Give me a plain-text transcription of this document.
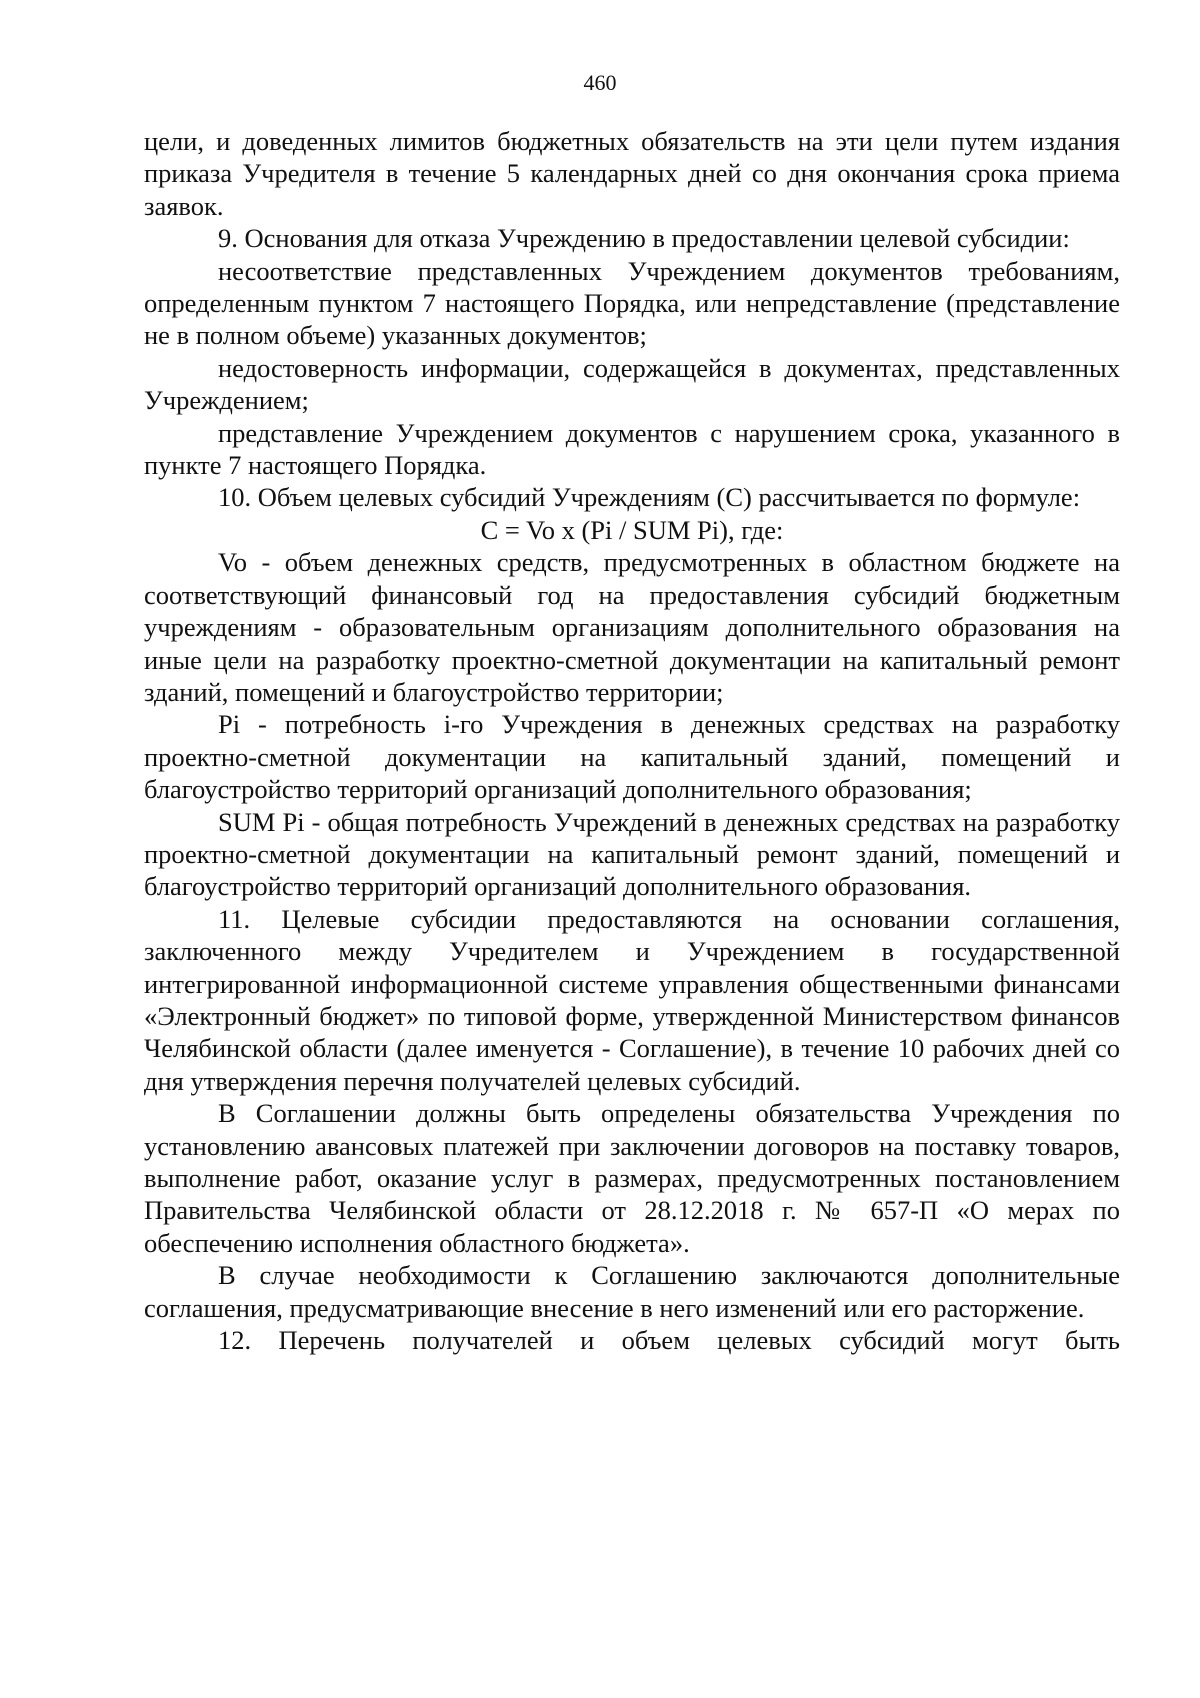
460

цели, и доведенных лимитов бюджетных обязательств на эти цели путем издания приказа Учредителя в течение 5 календарных дней со дня окончания срока приема заявок.

9. Основания для отказа Учреждению в предоставлении целевой субсидии:

несоответствие представленных Учреждением документов требованиям, определенным пунктом 7 настоящего Порядка, или непредставление (представление не в полном объеме) указанных документов;

недостоверность информации, содержащейся в документах, представленных Учреждением;

представление Учреждением документов с нарушением срока, указанного в пункте 7 настоящего Порядка.

10. Объем целевых субсидий Учреждениям (С) рассчитывается по формуле:

C = Vo x (Pi / SUM Pi), где:

Vo - объем денежных средств, предусмотренных в областном бюджете на соответствующий финансовый год на предоставления субсидий бюджетным учреждениям - образовательным организациям дополнительного образования на иные цели на разработку проектно-сметной документации на капитальный ремонт зданий, помещений и благоустройство территории;

Pi - потребность i-го Учреждения в денежных средствах на разработку проектно-сметной документации на капитальный зданий, помещений и благоустройство территорий организаций дополнительного образования;

SUM Pi - общая потребность Учреждений в денежных средствах на разработку проектно-сметной документации на капитальный ремонт зданий, помещений и благоустройство территорий организаций дополнительного образования.

11. Целевые субсидии предоставляются на основании соглашения, заключенного между Учредителем и Учреждением в государственной интегрированной информационной системе управления общественными финансами «Электронный бюджет» по типовой форме, утвержденной Министерством финансов Челябинской области (далее именуется - Соглашение), в течение 10 рабочих дней со дня утверждения перечня получателей целевых субсидий.

В Соглашении должны быть определены обязательства Учреждения по установлению авансовых платежей при заключении договоров на поставку товаров, выполнение работ, оказание услуг в размерах, предусмотренных постановлением Правительства Челябинской области от 28.12.2018 г. № 657-П «О мерах по обеспечению исполнения областного бюджета».

В случае необходимости к Соглашению заключаются дополнительные соглашения, предусматривающие внесение в него изменений или его расторжение.

12. Перечень получателей и объем целевых субсидий могут быть
